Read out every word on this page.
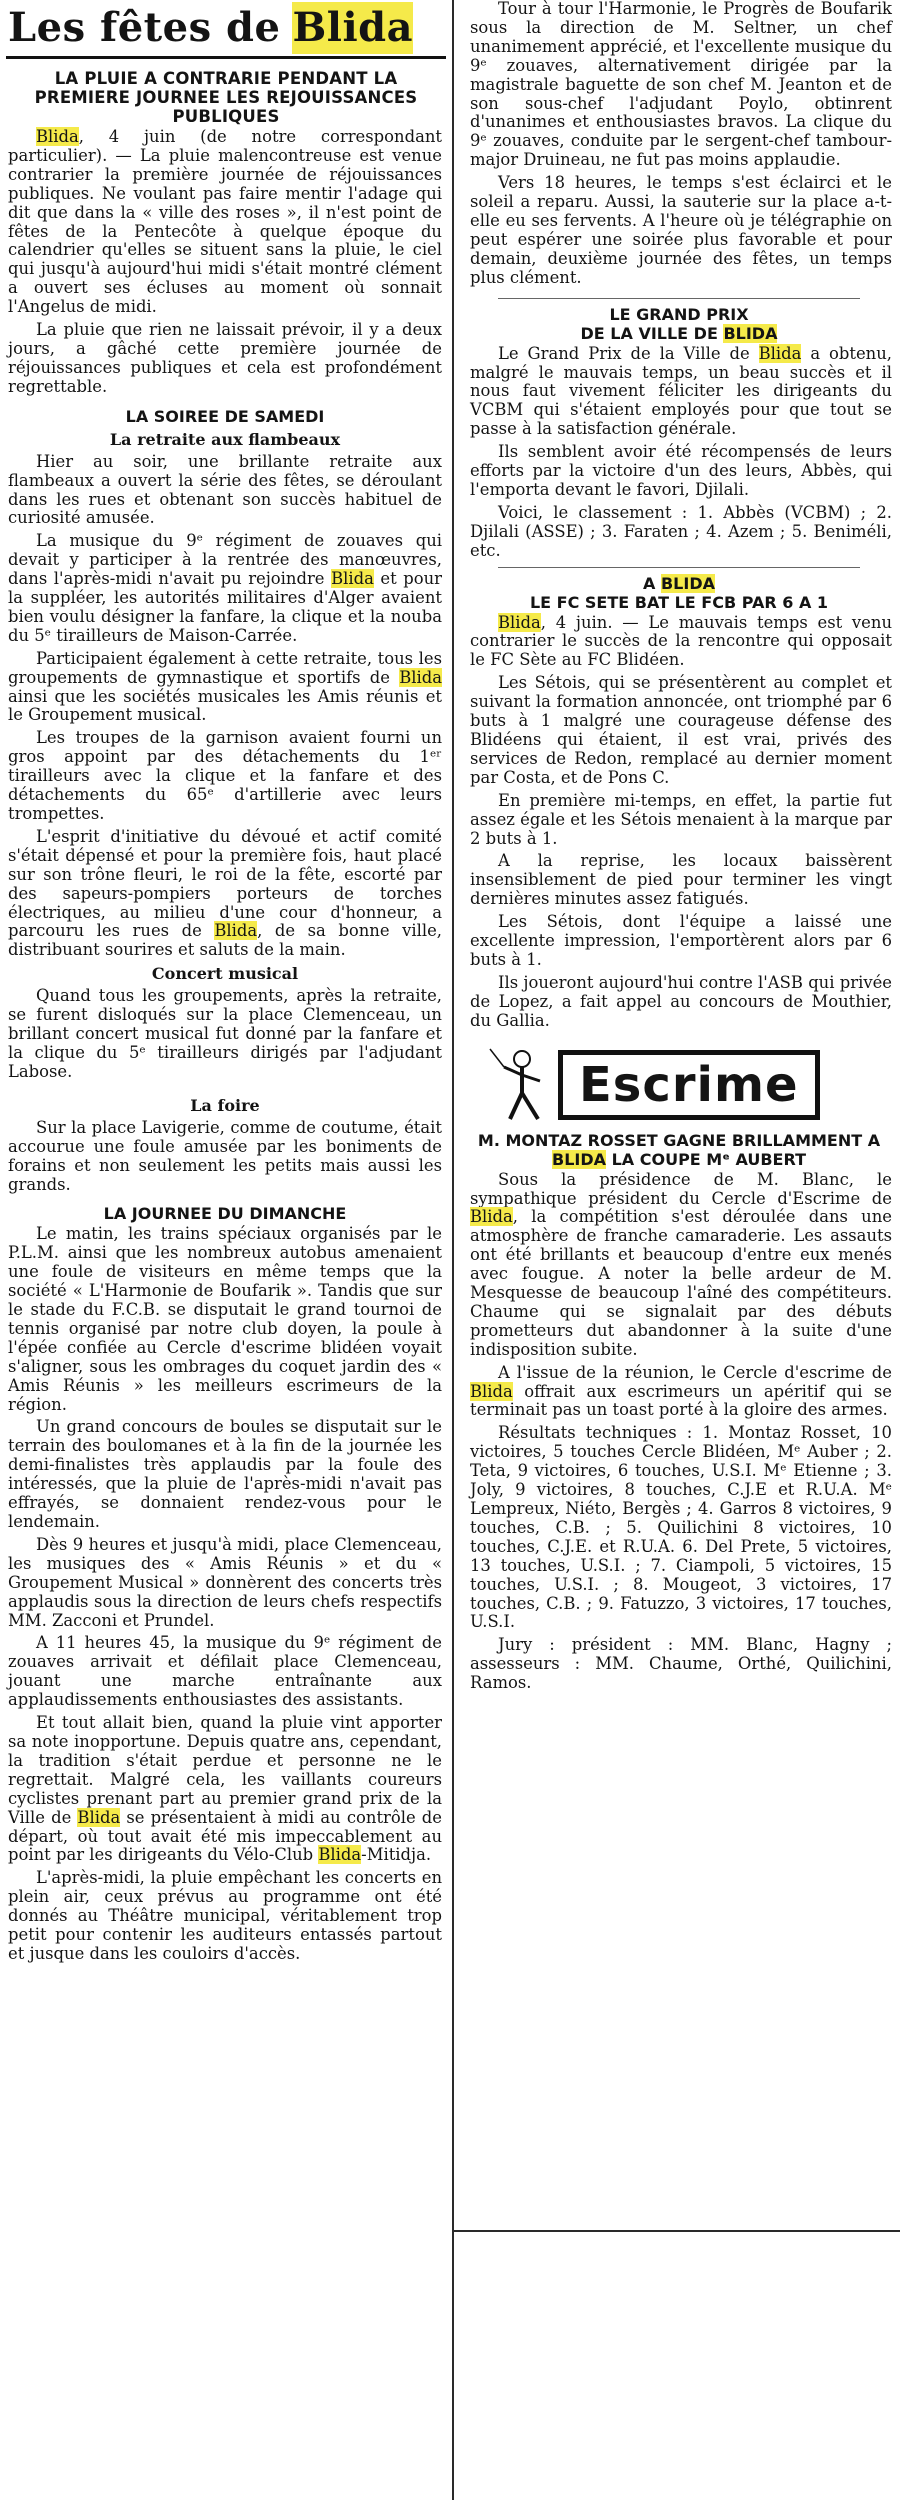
Les fêtes de Blida
LA PLUIE A CONTRARIE PENDANT LA PREMIERE JOURNEE LES REJOUISSANCES PUBLIQUES

Blida, 4 juin (de notre correspondant particulier). — La pluie malencontreuse est venue contrarier la première journée de réjouissances publiques. Ne voulant pas faire mentir l'adage qui dit que dans la « ville des roses », il n'est point de fêtes de la Pentecôte à quelque époque du calendrier qu'elles se situent sans la pluie, le ciel qui jusqu'à aujourd'hui midi s'était montré clément a ouvert ses écluses au moment où sonnait l'Angelus de midi.

La pluie que rien ne laissait prévoir, il y a deux jours, a gâché cette première journée de réjouissances publiques et cela est profondément regrettable.

LA SOIREE DE SAMEDI
La retraite aux flambeaux

Hier au soir, une brillante retraite aux flambeaux a ouvert la série des fêtes, se déroulant dans les rues et obtenant son succès habituel de curiosité amusée.

La musique du 9ᵉ régiment de zouaves qui devait y participer à la rentrée des manœuvres, dans l'après-midi n'avait pu rejoindre Blida et pour la suppléer, les autorités militaires d'Alger avaient bien voulu désigner la fanfare, la clique et la nouba du 5ᵉ tirailleurs de Maison-Carrée.

Participaient également à cette retraite, tous les groupements de gymnastique et sportifs de Blida ainsi que les sociétés musicales les Amis réunis et le Groupement musical.

Les troupes de la garnison avaient fourni un gros appoint par des détachements du 1ᵉʳ tirailleurs avec la clique et la fanfare et des détachements du 65ᵉ d'artillerie avec leurs trompettes.

L'esprit d'initiative du dévoué et actif comité s'était dépensé et pour la première fois, haut placé sur son trône fleuri, le roi de la fête, escorté par des sapeurs-pompiers porteurs de torches électriques, au milieu d'une cour d'honneur, a parcouru les rues de Blida, de sa bonne ville, distribuant sourires et saluts de la main.

Concert musical

Quand tous les groupements, après la retraite, se furent disloqués sur la place Clemenceau, un brillant concert musical fut donné par la fanfare et la clique du 5ᵉ tirailleurs dirigés par l'adjudant Labose.

La foire

Sur la place Lavigerie, comme de coutume, était accourue une foule amusée par les boniments de forains et non seulement les petits mais aussi les grands.

LA JOURNEE DU DIMANCHE

Le matin, les trains spéciaux organisés par le P.L.M. ainsi que les nombreux autobus amenaient une foule de visiteurs en même temps que la société « L'Harmonie de Boufarik ». Tandis que sur le stade du F.C.B. se disputait le grand tournoi de tennis organisé par notre club doyen, la poule à l'épée confiée au Cercle d'escrime blidéen voyait s'aligner, sous les ombrages du coquet jardin des « Amis Réunis » les meilleurs escrimeurs de la région.

Un grand concours de boules se disputait sur le terrain des boulomanes et à la fin de la journée les demi-finalistes très applaudis par la foule des intéressés, que la pluie de l'après-midi n'avait pas effrayés, se donnaient rendez-vous pour le lendemain.

Dès 9 heures et jusqu'à midi, place Clemenceau, les musiques des « Amis Réunis » et du « Groupement Musical » donnèrent des concerts très applaudis sous la direction de leurs chefs respectifs MM. Zacconi et Prundel.

A 11 heures 45, la musique du 9ᵉ régiment de zouaves arrivait et défilait place Clemenceau, jouant une marche entraînante aux applaudissements enthousiastes des assistants.

Et tout allait bien, quand la pluie vint apporter sa note inopportune. Depuis quatre ans, cependant, la tradition s'était perdue et personne ne le regrettait. Malgré cela, les vaillants coureurs cyclistes prenant part au premier grand prix de la Ville de Blida se présentaient à midi au contrôle de départ, où tout avait été mis impeccablement au point par les dirigeants du Vélo-Club Blida-Mitidja.

L'après-midi, la pluie empêchant les concerts en plein air, ceux prévus au programme ont été donnés au Théâtre municipal, véritablement trop petit pour contenir les auditeurs entassés partout et jusque dans les couloirs d'accès.

Tour à tour l'Harmonie, le Progrès de Boufarik sous la direction de M. Seltner, un chef unanimement apprécié, et l'excellente musique du 9ᵉ zouaves, alternativement dirigée par la magistrale baguette de son chef M. Jeanton et de son sous-chef l'adjudant Poylo, obtinrent d'unanimes et enthousiastes bravos. La clique du 9ᵉ zouaves, conduite par le sergent-chef tambour-major Druineau, ne fut pas moins applaudie.

Vers 18 heures, le temps s'est éclairci et le soleil a reparu. Aussi, la sauterie sur la place a-t-elle eu ses fervents. A l'heure où je télégraphie on peut espérer une soirée plus favorable et pour demain, deuxième journée des fêtes, un temps plus clément.

LE GRAND PRIX
DE LA VILLE DE BLIDA

Le Grand Prix de la Ville de Blida a obtenu, malgré le mauvais temps, un beau succès et il nous faut vivement féliciter les dirigeants du VCBM qui s'étaient employés pour que tout se passe à la satisfaction générale.

Ils semblent avoir été récompensés de leurs efforts par la victoire d'un des leurs, Abbès, qui l'emporta devant le favori, Djilali.

Voici, le classement : 1. Abbès (VCBM) ; 2. Djilali (ASSE) ; 3. Faraten ; 4. Azem ; 5. Beniméli, etc.

A BLIDA
LE FC SETE BAT LE FCB PAR 6 A 1

Blida, 4 juin. — Le mauvais temps est venu contrarier le succès de la rencontre qui opposait le FC Sète au FC Blidéen.

Les Sétois, qui se présentèrent au complet et suivant la formation annoncée, ont triomphé par 6 buts à 1 malgré une courageuse défense des Blidéens qui étaient, il est vrai, privés des services de Redon, remplacé au dernier moment par Costa, et de Pons C.

En première mi-temps, en effet, la partie fut assez égale et les Sétois menaient à la marque par 2 buts à 1.

A la reprise, les locaux baissèrent insensiblement de pied pour terminer les vingt dernières minutes assez fatigués.

Les Sétois, dont l'équipe a laissé une excellente impression, l'emportèrent alors par 6 buts à 1.

Ils joueront aujourd'hui contre l'ASB qui privée de Lopez, a fait appel au concours de Mouthier, du Gallia.

Escrime
M. MONTAZ ROSSET GAGNE BRILLAMMENT A BLIDA LA COUPE Mᵉ AUBERT

Sous la présidence de M. Blanc, le sympathique président du Cercle d'Escrime de Blida, la compétition s'est déroulée dans une atmosphère de franche camaraderie. Les assauts ont été brillants et beaucoup d'entre eux menés avec fougue. A noter la belle ardeur de M. Mesquesse de beaucoup l'aîné des compétiteurs. Chaume qui se signalait par des débuts prometteurs dut abandonner à la suite d'une indisposition subite.

A l'issue de la réunion, le Cercle d'escrime de Blida offrait aux escrimeurs un apéritif qui se terminait pas un toast porté à la gloire des armes.

Résultats techniques : 1. Montaz Rosset, 10 victoires, 5 touches Cercle Blidéen, Mᵉ Auber ; 2. Teta, 9 victoires, 6 touches, U.S.I. Mᵉ Etienne ; 3. Joly, 9 victoires, 8 touches, C.J.E et R.U.A. Mᵉ Lempreux, Niéto, Bergès ; 4. Garros 8 victoires, 9 touches, C.B. ; 5. Quilichini 8 victoires, 10 touches, C.J.E. et R.U.A. 6. Del Prete, 5 victoires, 13 touches, U.S.I. ; 7. Ciampoli, 5 victoires, 15 touches, U.S.I. ; 8. Mougeot, 3 victoires, 17 touches, C.B. ; 9. Fatuzzo, 3 victoires, 17 touches, U.S.I.

Jury : président : MM. Blanc, Hagny ; assesseurs : MM. Chaume, Orthé, Quilichini, Ramos.
